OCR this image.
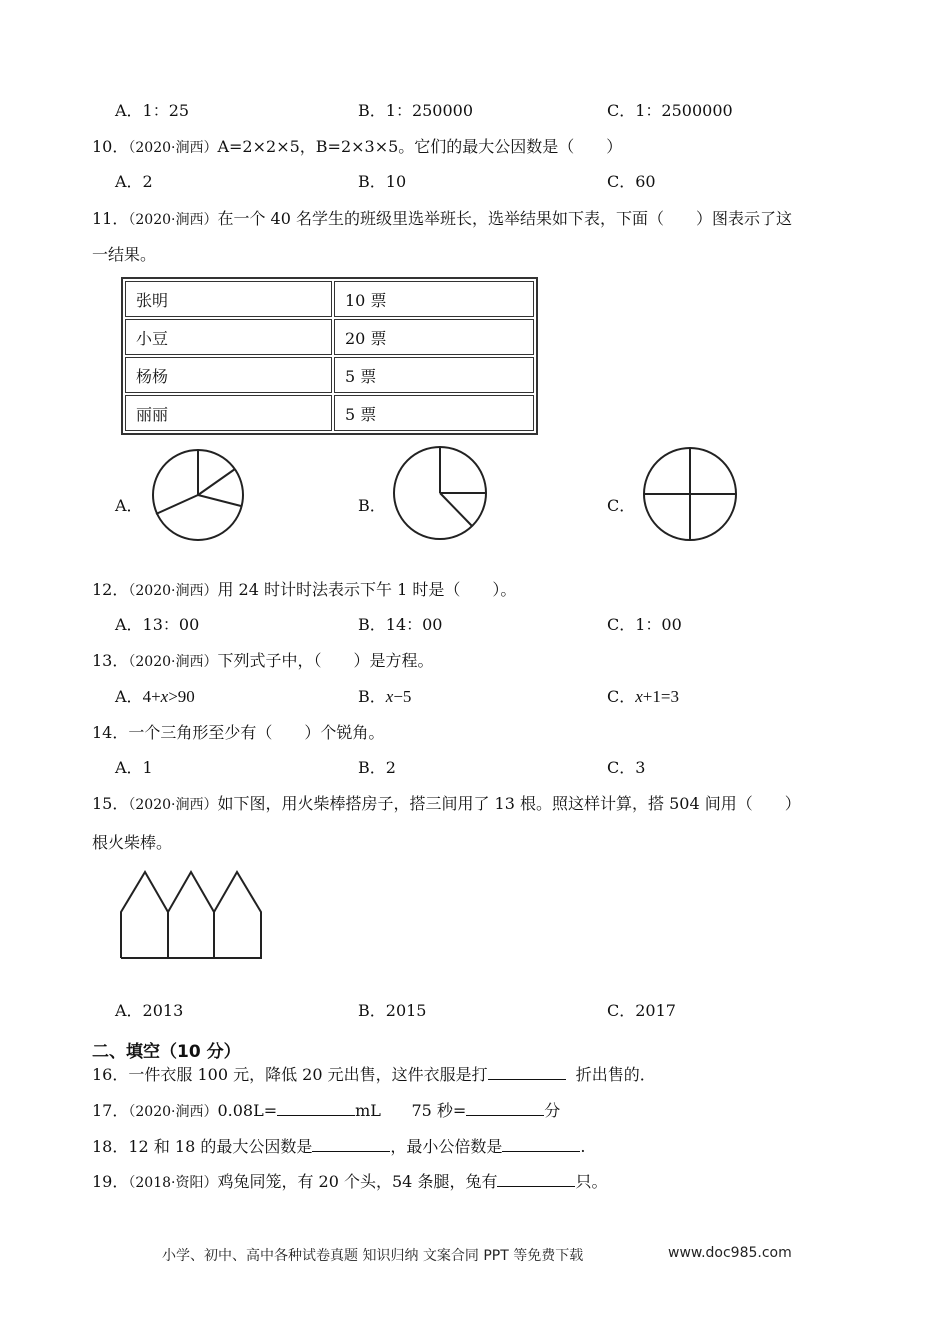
A．1：25	B．1：250000	C．1：2500000
10．（2020·涧西）A=2×2×5，B=2×3×5。它们的最大公因数是（　　）
A．2	B．10	C．60
11．（2020·涧西）在一个 40 名学生的班级里选举班长，选举结果如下表，下面（　　）图表示了这
一结果。
张明	10 票
小豆	20 票
杨杨	5 票
丽丽	5 票
A．	B．	C．
12．（2020·涧西）用 24 时计时法表示下午 1 时是（　　）。
A．13：00	B．14：00	C．1：00
13．（2020·涧西）下列式子中，（　　）是方程。
A．4+x>90	B．x−5	C．x+1=3
14．一个三角形至少有（　　）个锐角。
A．1	B．2	C．3
15．（2020·涧西）如下图，用火柴棒搭房子，搭三间用了 13 根。照这样计算，搭 504 间用（　　）
根火柴棒。
A．2013	B．2015	C．2017
二、填空（10 分）
16．一件衣服 100 元，降低 20 元出售，这件衣服是打	折出售的．
17．（2020·涧西）0.08L=	mL 75 秒=	分
18．12 和 18 的最大公因数是	，最小公倍数是	.
19．（2018·资阳）鸡兔同笼，有 20 个头，54 条腿，兔有	只。
小学、初中、高中各种试卷真题 知识归纳 文案合同 PPT 等免费下载	www.doc985.com
